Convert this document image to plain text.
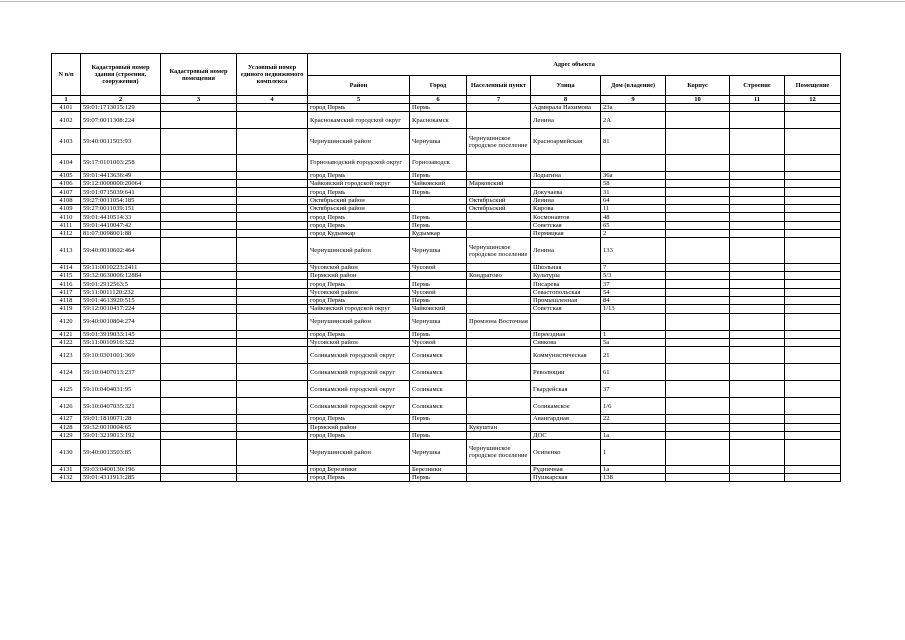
N п/п	Кадастровый номер здания (строения, сооружения)	Кадастровый номер помещения	Условный номер единого недвижимого комплекса	Адрес объекта							
				Район	Город	Населенный пункт	Улица	Дом (владение)	Корпус	Строение	Помещение
1	2	3	4	5	6	7	8	9	10	11	12
4101	59:01:1713015:129			город Пермь	Пермь		Адмирала Нахимова	23а			
4102	59:07:0011308:224			Краснокамский городской округ	Краснокамск		Ленина	2А			
4103	59:40:0011503:93			Чернушинский район	Чернушка	Чернушинское городское поселение	Красноармейская	81			
4104	59:17:0101003:258			Горнозаводский городской округ	Горнозаводск						
4105	59:01:4413636:49			город Пермь	Пермь		Лодыгина	36а			
4106	59:12:0000000:20064			Чайковский городской округ	Чайковский	Марковский		58			
4107	59:01:0715039:641			город Пермь	Пермь		Докучаева	31			
4108	59:27:0011054:185			Октябрьский район		Октябрьский	Ленина	64			
4109	59:27:0011039:151			Октябрьский район		Октябрьский	Кирова	11			
4110	59:01:4410514:33			город Пермь	Пермь		Космонавтов	48			
4111	59:01:4410047:42			город Пермь	Пермь		Советская	65			
4112	81:07:0098001:88			город Кудымкар	Кудымкар		Пермяцкая	2			
4113	59:40:0010602:464			Чернушинский район	Чернушка	Чернушинское городское поселение	Ленина	133			
4114	59:11:0010223:2411			Чусовской район	Чусовой		Школьная	7			
4115	59:32:0630006:12884			Пермский район		Кондратово	Культуры	5/3			
4116	59:01:2912563:5			город Пермь	Пермь		Писарева	37			
4117	59:11:0011120:232			Чусовской район	Чусовой		Севастопольская	54			
4118	59:01:4613920:515			город Пермь	Пермь		Промышленная	84			
4119	59:12:0010417:224			Чайковский городской округ	Чайковский		Советская	1/13			
4120	59:40:0010804:274			Чернушинский район	Чернушка	Промзона Восточная					
4121	59:01:3919033:145			город Пермь	Пермь		Переездная	1			
4122	59:11:0010916:322			Чусовской район	Чусовой		Сивкова	5а			
4123	59:10:0301001:369			Соликамский городской округ	Соликамск		Коммунистическая	21			
4124	59:10:0407013:237			Соликамский городской округ	Соликамск		Революции	61			
4125	59:10:0404031:95			Соликамский городской округ	Соликамск		Гвардейская	37			
4126	59:10:0407035:321			Соликамский городской округ	Соликамск		Соликамское	1/6			
4127	59:01:1810071:28			город Пермь	Пермь		Авангардная	22			
4128	59:32:0010004:65			Пермский район		Кукуштан					
4129	59:01:3219013:192			город Пермь	Пермь		ДОС	1а			
4130	59:40:0013503:85			Чернушинский район	Чернушка	Чернушинское городское поселение	Осипенко	1			
4131	59:03:0400130:196			город Березники	Березники		Рудничная	1а			
4132	59:01:4311913:285			город Пермь	Пермь		Пушкарская	138			
